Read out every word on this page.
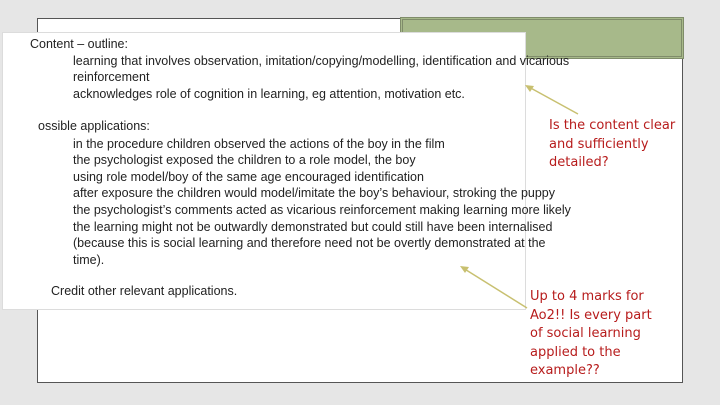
Content – outline:
learning that involves observation, imitation/copying/modelling, identification and vicarious
reinforcement
acknowledges role of cognition in learning, eg attention, motivation etc.
ossible applications:
in the procedure children observed the actions of the boy in the film
the psychologist exposed the children to a role model, the boy
using role model/boy of the same age encouraged identification
after exposure the children would model/imitate the boy’s behaviour, stroking the puppy
the psychologist’s comments acted as vicarious reinforcement making learning more likely
the learning might not be outwardly demonstrated but could still have been internalised
(because this is social learning and therefore need not be overtly demonstrated at the
time).
Credit other relevant applications.
Is the content clear
and sufficiently
detailed?
Up to 4 marks for
Ao2!! Is every part
of social learning
applied to the
example??
